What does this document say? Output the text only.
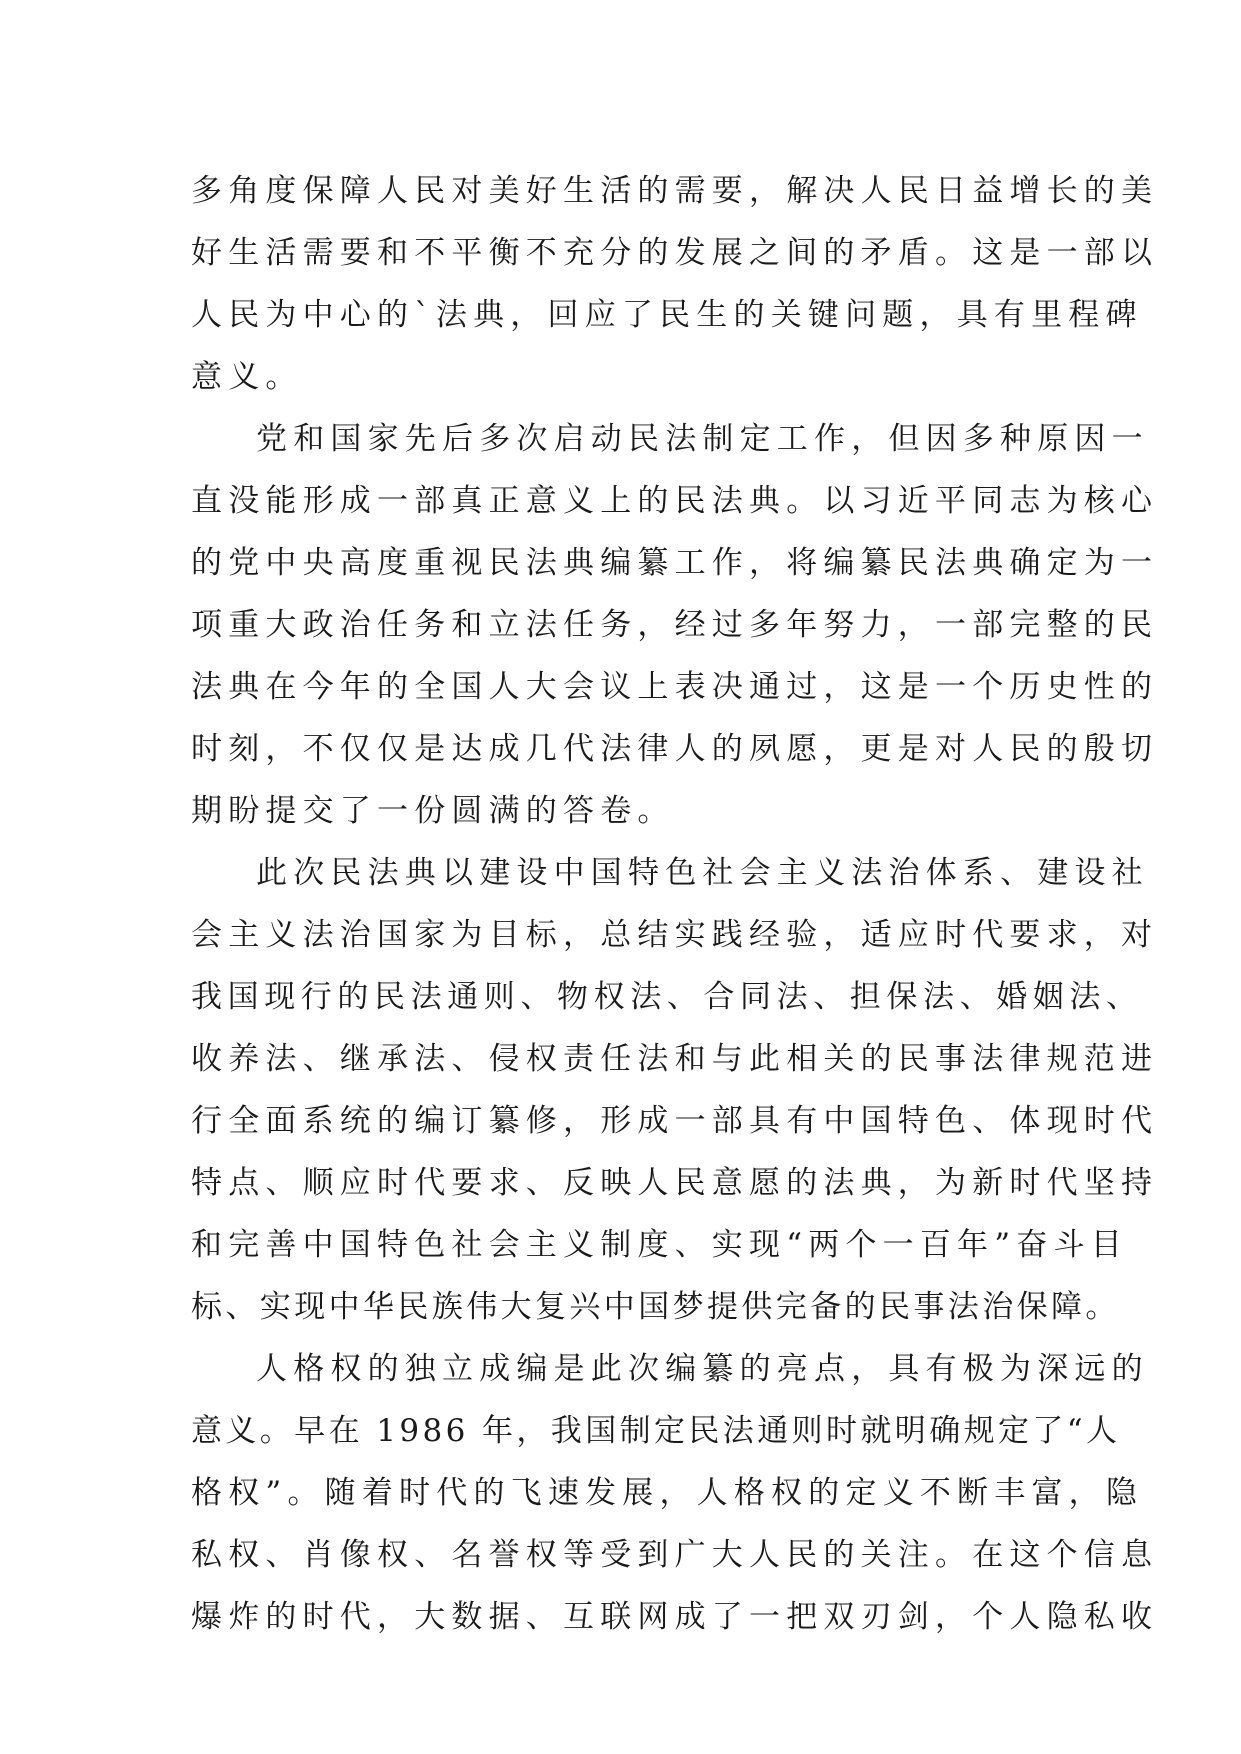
多角度保障人民对美好生活的需要，解决人民日益增长的美
好生活需要和不平衡不充分的发展之间的矛盾。这是一部以
人民为中心的`法典，回应了民生的关键问题，具有里程碑
意义。
党和国家先后多次启动民法制定工作，但因多种原因一
直没能形成一部真正意义上的民法典。以习近平同志为核心
的党中央高度重视民法典编纂工作，将编纂民法典确定为一
项重大政治任务和立法任务，经过多年努力，一部完整的民
法典在今年的全国人大会议上表决通过，这是一个历史性的
时刻，不仅仅是达成几代法律人的夙愿，更是对人民的殷切
期盼提交了一份圆满的答卷。
此次民法典以建设中国特色社会主义法治体系、建设社
会主义法治国家为目标，总结实践经验，适应时代要求，对
我国现行的民法通则、物权法、合同法、担保法、婚姻法、
收养法、继承法、侵权责任法和与此相关的民事法律规范进
行全面系统的编订纂修，形成一部具有中国特色、体现时代
特点、顺应时代要求、反映人民意愿的法典，为新时代坚持
和完善中国特色社会主义制度、实现“两个一百年”奋斗目
标、实现中华民族伟大复兴中国梦提供完备的民事法治保障。
人格权的独立成编是此次编纂的亮点，具有极为深远的
意义。早在 1986 年，我国制定民法通则时就明确规定了“人
格权”。随着时代的飞速发展，人格权的定义不断丰富，隐
私权、肖像权、名誉权等受到广大人民的关注。在这个信息
爆炸的时代，大数据、互联网成了一把双刃剑，个人隐私收
